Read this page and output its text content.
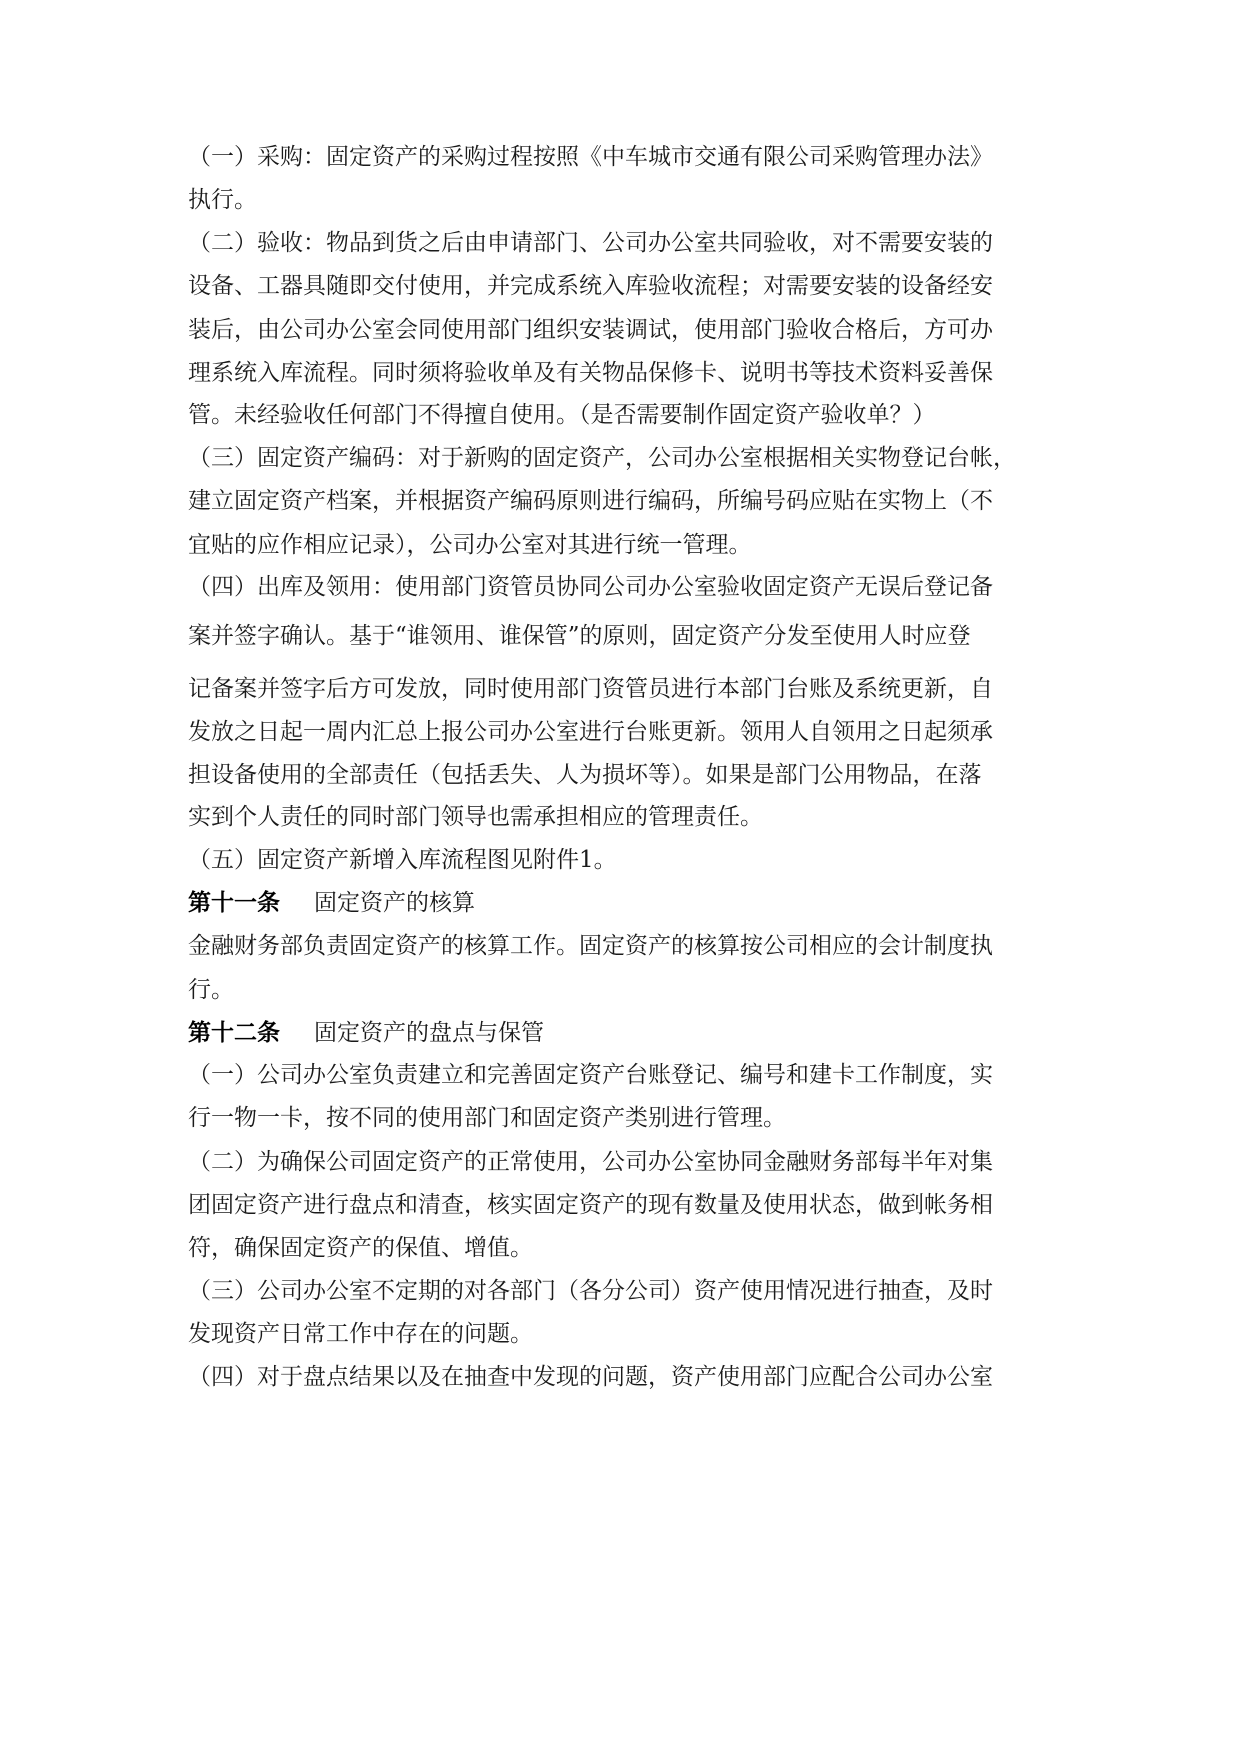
（一）采购：固定资产的采购过程按照《中车城市交通有限公司采购管理办法》
执行。
（二）验收：物品到货之后由申请部门、公司办公室共同验收，对不需要安装的
设备、工器具随即交付使用，并完成系统入库验收流程；对需要安装的设备经安
装后，由公司办公室会同使用部门组织安装调试，使用部门验收合格后，方可办
理系统入库流程。同时须将验收单及有关物品保修卡、说明书等技术资料妥善保
管。未经验收任何部门不得擅自使用。（是否需要制作固定资产验收单？）
（三）固定资产编码：对于新购的固定资产，公司办公室根据相关实物登记台帐，
建立固定资产档案，并根据资产编码原则进行编码，所编号码应贴在实物上（不
宜贴的应作相应记录），公司办公室对其进行统一管理。
（四）出库及领用：使用部门资管员协同公司办公室验收固定资产无误后登记备
案并签字确认。基于“谁领用、谁保管”的原则，固定资产分发至使用人时应登
记备案并签字后方可发放，同时使用部门资管员进行本部门台账及系统更新，自
发放之日起一周内汇总上报公司办公室进行台账更新。领用人自领用之日起须承
担设备使用的全部责任（包括丢失、人为损坏等）。如果是部门公用物品，在落
实到个人责任的同时部门领导也需承担相应的管理责任。
（五）固定资产新增入库流程图见附件1。
第十一条 固定资产的核算
金融财务部负责固定资产的核算工作。固定资产的核算按公司相应的会计制度执
行。
第十二条 固定资产的盘点与保管
（一）公司办公室负责建立和完善固定资产台账登记、编号和建卡工作制度，实
行一物一卡，按不同的使用部门和固定资产类别进行管理。
（二）为确保公司固定资产的正常使用，公司办公室协同金融财务部每半年对集
团固定资产进行盘点和清查，核实固定资产的现有数量及使用状态，做到帐务相
符，确保固定资产的保值、增值。
（三）公司办公室不定期的对各部门（各分公司）资产使用情况进行抽查，及时
发现资产日常工作中存在的问题。
（四）对于盘点结果以及在抽查中发现的问题，资产使用部门应配合公司办公室
